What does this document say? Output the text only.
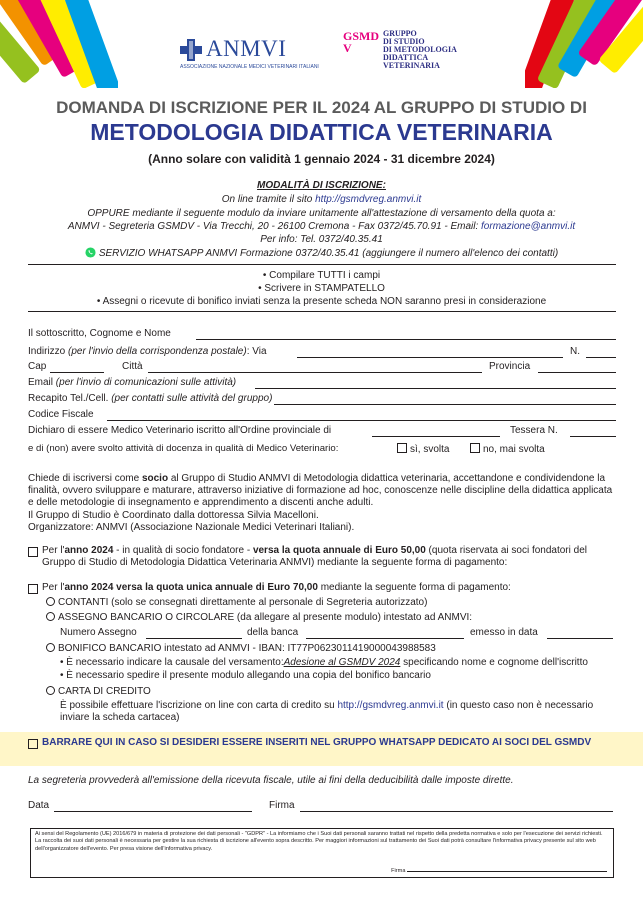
ANMVI
ASSOCIAZIONE NAZIONALE MEDICI VETERINARI ITALIANI
GSMDV
GRUPPO
DI STUDIO
DI METODOLOGIA
DIDATTICA
VETERINARIA
DOMANDA DI ISCRIZIONE PER IL 2024 AL GRUPPO DI STUDIO DI
METODOLOGIA DIDATTICA VETERINARIA
(Anno solare con validità 1 gennaio 2024 - 31 dicembre 2024)
MODALITÀ DI ISCRIZIONE:
On line tramite il sito http://gsmdvreg.anmvi.it
OPPURE mediante il seguente modulo da inviare unitamente all'attestazione di versamento della quota a:
ANMVI - Segreteria GSMDV - Via Trecchi, 20 - 26100 Cremona - Fax 0372/45.70.91 - Email: formazione@anmvi.it
Per info: Tel. 0372/40.35.41
SERVIZIO WHATSAPP ANMVI Formazione 0372/40.35.41 (aggiungere il numero all'elenco dei contatti)
• Compilare TUTTI i campi
• Scrivere in STAMPATELLO
• Assegni o ricevute di bonifico inviati senza la presente scheda NON saranno presi in considerazione
Il sottoscritto, Cognome e Nome
Indirizzo (per l'invio della corrispondenza postale): Via	N.
Cap	Città	Provincia
Email (per l'invio di comunicazioni sulle attività)
Recapito Tel./Cell. (per contatti sulle attività del gruppo)
Codice Fiscale
Dichiaro di essere Medico Veterinario iscritto all'Ordine provinciale di	Tessera N.
e di (non) avere svolto attività di docenza in qualità di Medico Veterinario:	sì, svolta	no, mai svolta
Chiede di iscriversi come socio al Gruppo di Studio ANMVI di Metodologia didattica veterinaria, accettandone e condividendone la finalità, ovvero sviluppare e maturare, attraverso iniziative di formazione ad hoc, conoscenze nelle discipline della didattica applicata e delle metodologie di insegnamento e apprendimento a discenti anche adulti.
Il Gruppo di Studio è Coordinato dalla dottoressa Silvia Macelloni.
Organizzatore: ANMVI (Associazione Nazionale Medici Veterinari Italiani).
Per l'anno 2024 - in qualità di socio fondatore - versa la quota annuale di Euro 50,00 (quota riservata ai soci fondatori del Gruppo di Studio di Metodologia Didattica Veterinaria ANMVI) mediante la seguente forma di pagamento:
Per l'anno 2024 versa la quota unica annuale di Euro 70,00 mediante la seguente forma di pagamento:
CONTANTI (solo se consegnati direttamente al personale di Segreteria autorizzato)
ASSEGNO BANCARIO O CIRCOLARE (da allegare al presente modulo) intestato ad ANMVI:
Numero Assegno	della banca	emesso in data
BONIFICO BANCARIO intestato ad ANMVI - IBAN: IT77P0623011419000043988583
• È necessario indicare la causale del versamento:Adesione al GSMDV 2024 specificando nome e cognome dell'iscritto
• È necessario spedire il presente modulo allegando una copia del bonifico bancario
CARTA DI CREDITO
È possibile effettuare l'iscrizione on line con carta di credito su http://gsmdvreg.anmvi.it (in questo caso non è necessario inviare la scheda cartacea)
BARRARE QUI IN CASO SI DESIDERI ESSERE INSERITI NEL GRUPPO WHATSAPP DEDICATO AI SOCI DEL GSMDV
La segreteria provvederà all'emissione della ricevuta fiscale, utile ai fini della deducibilità dalle imposte dirette.
Data	Firma
Ai sensi del Regolamento (UE) 2016/679 in materia di protezione dei dati personali - "GDPR" - La informiamo che i Suoi dati personali saranno trattati nel rispetto della predetta normativa e solo per l'esecuzione dei servizi richiesti. La raccolta dei suoi dati personali è necessaria per gestire la sua richiesta di iscrizione all'evento sopra descritto. Per maggiori informazioni sul trattamento dei Suoi dati potrà consultare l'informativa privacy presente sul sito web dell'organizzatore dell'evento. Per presa visione dell'informativa privacy.
Firma
